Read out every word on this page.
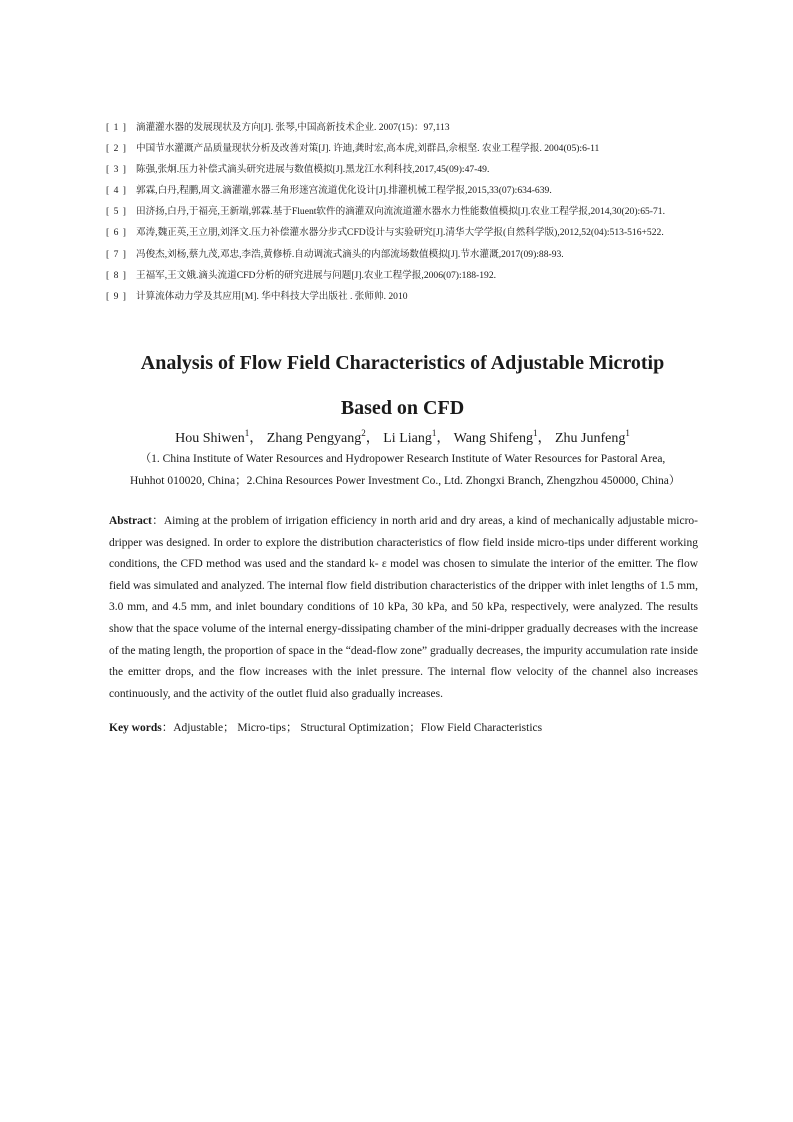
[ 1 ] 滴灌灌水器的发展现状及方向[J]. 张琴,中国高新技术企业. 2007(15)：97,113
[ 2 ] 中国节水灌溉产品质量现状分析及改善对策[J]. 许迪,龚时宏,高本虎,刘群昌,佘根坚. 农业工程学报. 2004(05):6-11
[ 3 ] 陈强,张炯.压力补偿式滴头研究进展与数值模拟[J].黑龙江水利科技,2017,45(09):47-49.
[ 4 ] 郭霖,白丹,程鹏,周文.滴灌灌水器三角形迷宫流道优化设计[J].排灌机械工程学报,2015,33(07):634-639.
[ 5 ] 田济扬,白丹,于福亮,王新端,郭霖.基于Fluent软件的滴灌双向流流道灌水器水力性能数值模拟[J].农业工程学报,2014,30(20):65-71.
[ 6 ] 邓涛,魏正英,王立朋,刘泽文.压力补偿灌水器分步式CFD设计与实验研究[J].清华大学学报(自然科学版),2012,52(04):513-516+522.
[ 7 ] 冯俊杰,刘杨,蔡九茂,邓忠,李浩,黄修桥.自动调流式滴头的内部流场数值模拟[J].节水灌溉,2017(09):88-93.
[ 8 ] 王福军,王文娥.滴头流道CFD分析的研究进展与问题[J].农业工程学报,2006(07):188-192.
[ 9 ] 计算流体动力学及其应用[M]. 华中科技大学出版社 . 张师帅. 2010
Analysis of Flow Field Characteristics of Adjustable Microtip
Based on CFD
Hou Shiwen$^1$， Zhang Pengyang$^2$， Li Liang$^1$， Wang Shifeng$^1$， Zhu Junfeng$^1$
（1. China Institute of Water Resources and Hydropower Research Institute of Water Resources for Pastoral Area, Huhhot 010020, China；2.China Resources Power Investment Co., Ltd. Zhongxi Branch, Zhengzhou 450000, China）

Abstract：Aiming at the problem of irrigation efficiency in north arid and dry areas, a kind of mechanically adjustable micro-dripper was designed. In order to explore the distribution characteristics of flow field inside micro-tips under different working conditions, the CFD method was used and the standard k- ε model was chosen to simulate the interior of the emitter. The flow field was simulated and analyzed. The internal flow field distribution characteristics of the dripper with inlet lengths of 1.5 mm, 3.0 mm, and 4.5 mm, and inlet boundary conditions of 10 kPa, 30 kPa, and 50 kPa, respectively, were analyzed. The results show that the space volume of the internal energy-dissipating chamber of the mini-dripper gradually decreases with the increase of the mating length, the proportion of space in the “dead-flow zone” gradually decreases, the impurity accumulation rate inside the emitter drops, and the flow increases with the inlet pressure. The internal flow velocity of the channel also increases continuously, and the activity of the outlet fluid also gradually increases.

Key words：Adjustable； Micro-tips； Structural Optimization；Flow Field Characteristics
